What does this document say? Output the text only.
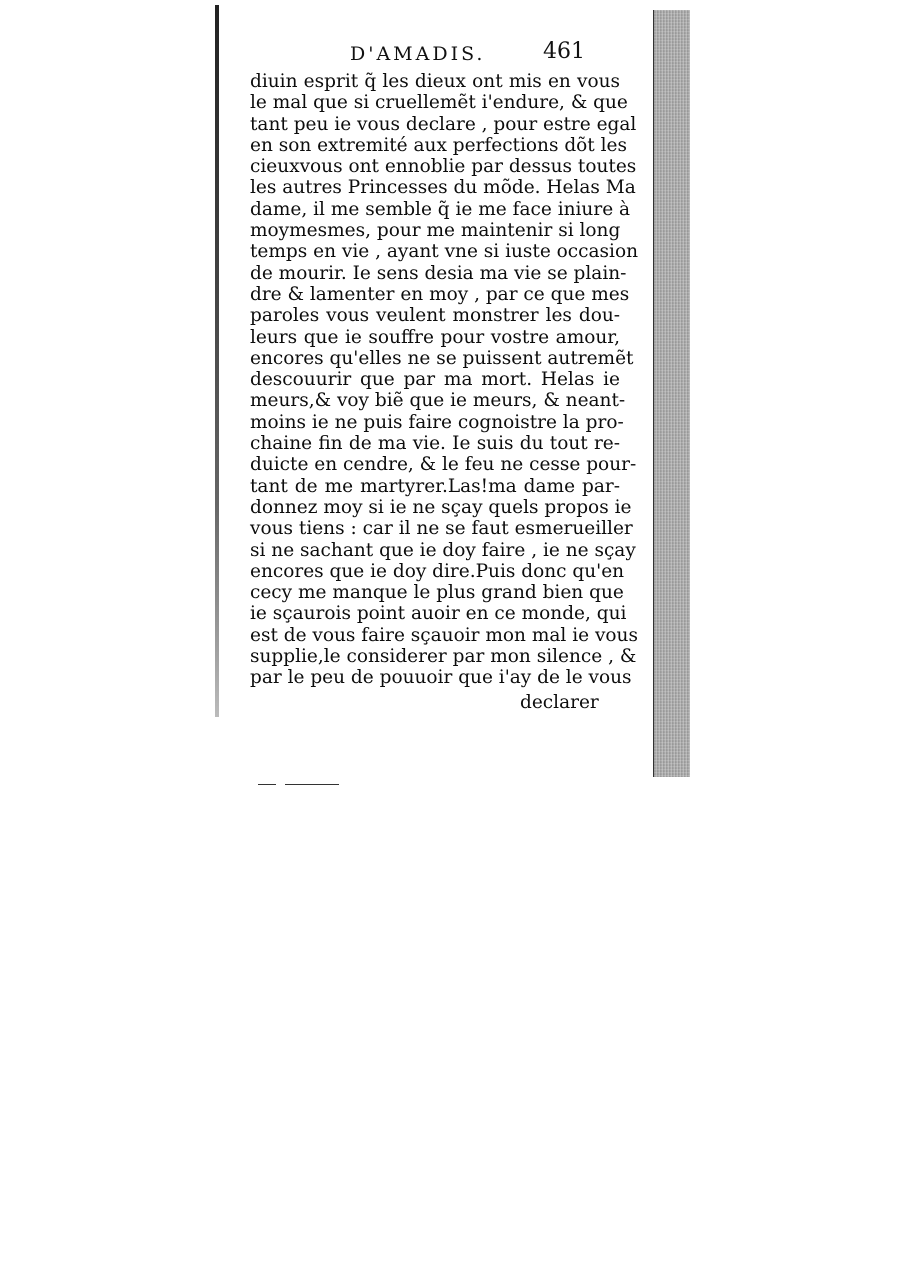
D'AMADIS.	461
diuin esprit q̃ les dieux ont mis en vous
le mal que si cruellemẽt i'endure, & que
tant peu ie vous declare , pour estre egal
en son extremité aux perfections dõt les
cieuxvous ont ennoblie par dessus toutes
les autres Princesses du mõde. Helas Ma
dame, il me semble q̃ ie me face iniure à
moymesmes, pour me maintenir si long
temps en vie , ayant vne si iuste occasion
de mourir. Ie sens desia ma vie se plain-
dre & lamenter en moy , par ce que mes
paroles vous veulent monstrer les dou-
leurs que ie souffre pour vostre amour,
encores qu'elles ne se puissent autremẽt
descouurir que par ma mort. Helas ie
meurs,& voy biẽ que ie meurs, & neant-
moins ie ne puis faire cognoistre la pro-
chaine fin de ma vie. Ie suis du tout re-
duicte en cendre, & le feu ne cesse pour-
tant de me martyrer.Las!ma dame par-
donnez moy si ie ne sçay quels propos ie
vous tiens : car il ne se faut esmerueiller
si ne sachant que ie doy faire , ie ne sçay
encores que ie doy dire.Puis donc qu'en
cecy me manque le plus grand bien que
ie sçaurois point auoir en ce monde, qui
est de vous faire sçauoir mon mal ie vous
supplie,le considerer par mon silence , &
par le peu de pouuoir que i'ay de le vous
declarer
